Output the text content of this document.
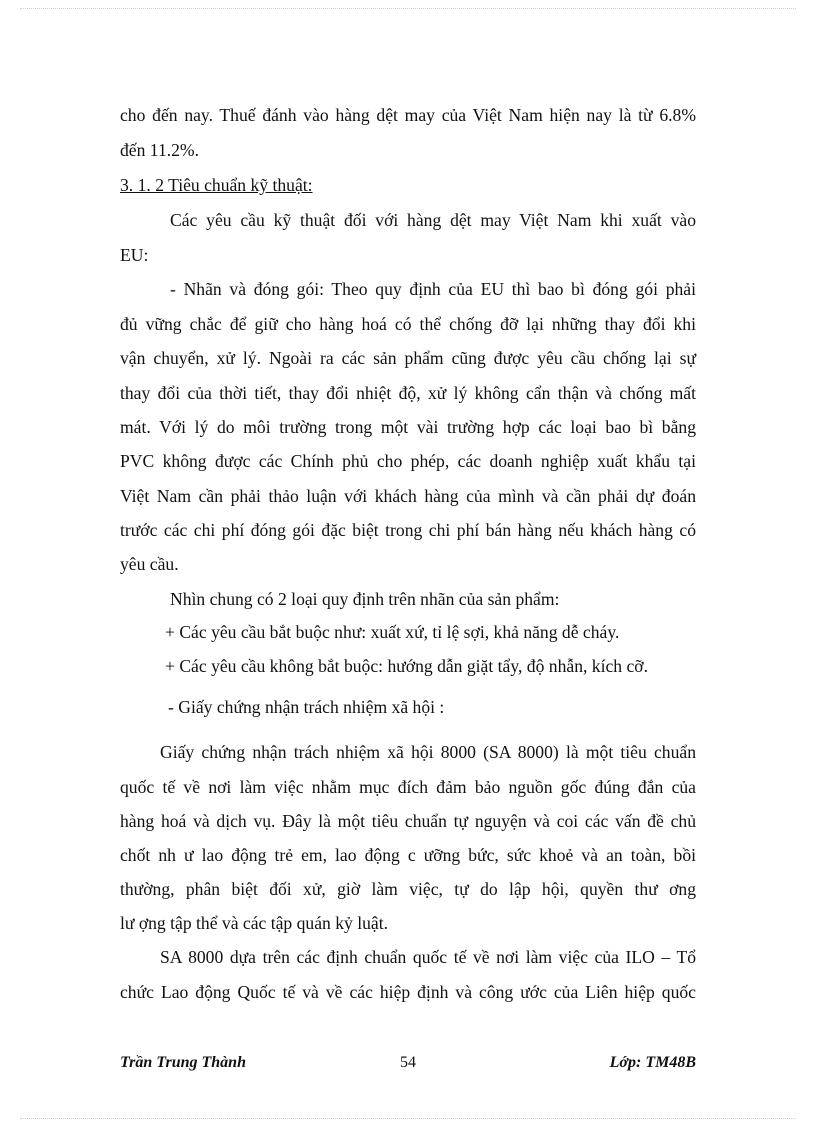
cho đến nay. Thuế đánh vào hàng dệt may của Việt Nam hiện nay là từ 6.8%

đến 11.2%.

3. 1. 2 Tiêu chuẩn kỹ thuật:

Các yêu cầu kỹ thuật đối với hàng dệt may Việt Nam khi xuất vào

EU:

- Nhãn và đóng gói: Theo quy định của EU thì bao bì đóng gói phải

đủ vững chắc để giữ cho hàng hoá có thể chống đỡ lại những thay đổi khi

vận chuyển, xử lý. Ngoài ra các sản phẩm cũng được yêu cầu chống lại sự

thay đổi của thời tiết, thay đổi nhiệt độ, xử lý không cẩn thận và chống mất

mát. Với lý do môi trường trong một vài trường hợp các loại bao bì bằng

PVC không được các Chính phủ cho phép, các doanh nghiệp xuất khẩu tại

Việt Nam cần phải thảo luận với khách hàng của mình và cần phải dự đoán

trước các chi phí đóng gói đặc biệt trong chi phí bán hàng nếu khách hàng có

yêu cầu.

Nhìn chung có 2 loại quy định trên nhãn của sản phẩm:

+ Các yêu cầu bắt buộc như: xuất xứ, tỉ lệ sợi, khả năng dễ cháy.

+ Các yêu cầu không bắt buộc: hướng dẫn giặt tẩy, độ nhẫn, kích cỡ.

- Giấy chứng nhận trách nhiệm xã hội :

Giấy chứng nhận trách nhiệm xã hội 8000 (SA 8000) là một tiêu chuẩn

quốc tế về nơi làm việc nhằm mục đích đảm bảo nguồn gốc đúng đắn của

hàng hoá và dịch vụ. Đây là một tiêu chuẩn tự nguyện và coi các vấn đề chủ

chốt nh ư lao động trẻ em, lao động c ưỡng bức, sức khoẻ và an toàn, bồi

thường, phân biệt đối xử, giờ làm việc, tự do lập hội, quyền thư ơng

lư ợng tập thể và các tập quán kỷ luật.

SA 8000 dựa trên các định chuẩn quốc tế về nơi làm việc của ILO – Tổ

chức Lao động Quốc tế và về các hiệp định và công ước của Liên hiệp quốc

Trần Trung Thành	54	Lớp: TM48B
